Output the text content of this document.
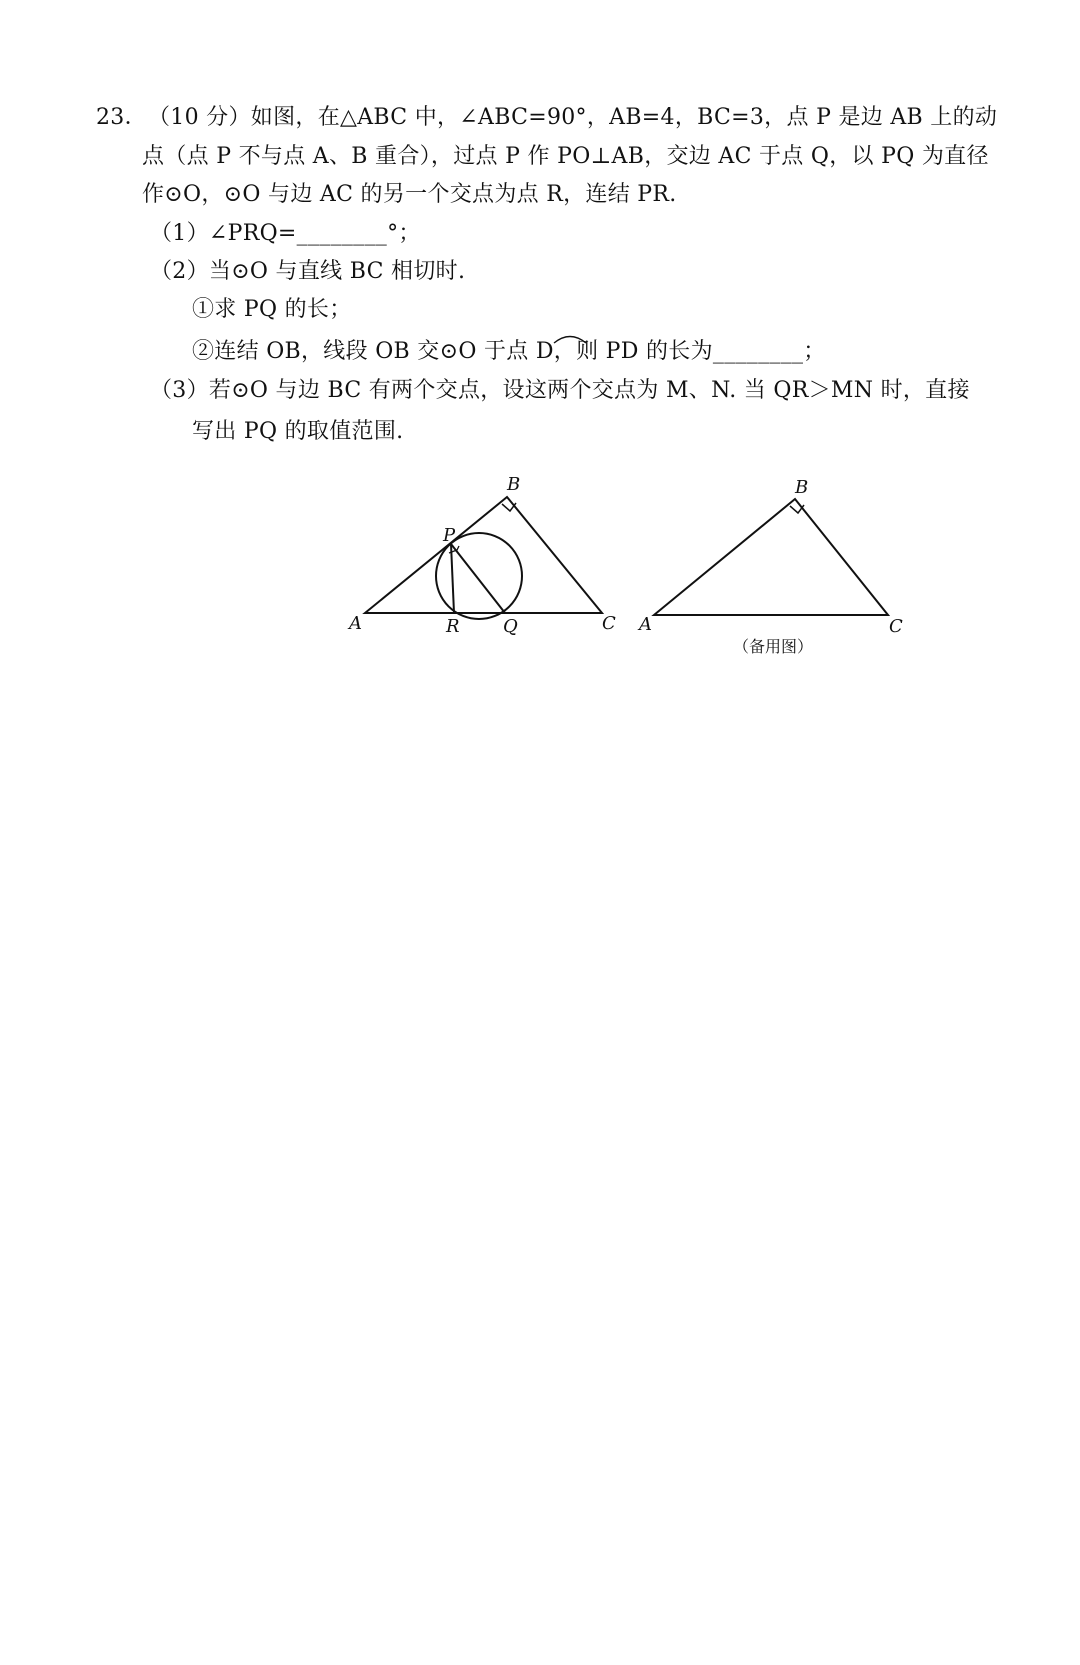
23． （10 分）如图，在△ABC 中，∠ABC=90°，AB=4，BC=3，点 P 是边 AB 上的动
点（点 P 不与点 A、B 重合），过点 P 作 PO⊥AB，交边 AC 于点 Q，以 PQ 为直径
作⊙O，⊙O 与边 AC 的另一个交点为点 R，连结 PR.
（1）∠PRQ=________°；
（2）当⊙O 与直线 BC 相切时.
①求 PQ 的长；
②连结 OB，线段 OB 交⊙O 于点 D，则 PD 的长为________；
（3）若⊙O 与边 BC 有两个交点，设这两个交点为 M、N. 当 QR＞MN 时，直接
写出 PQ 的取值范围.
A
B
C
P
R Q	A
B
C
（备用图）
